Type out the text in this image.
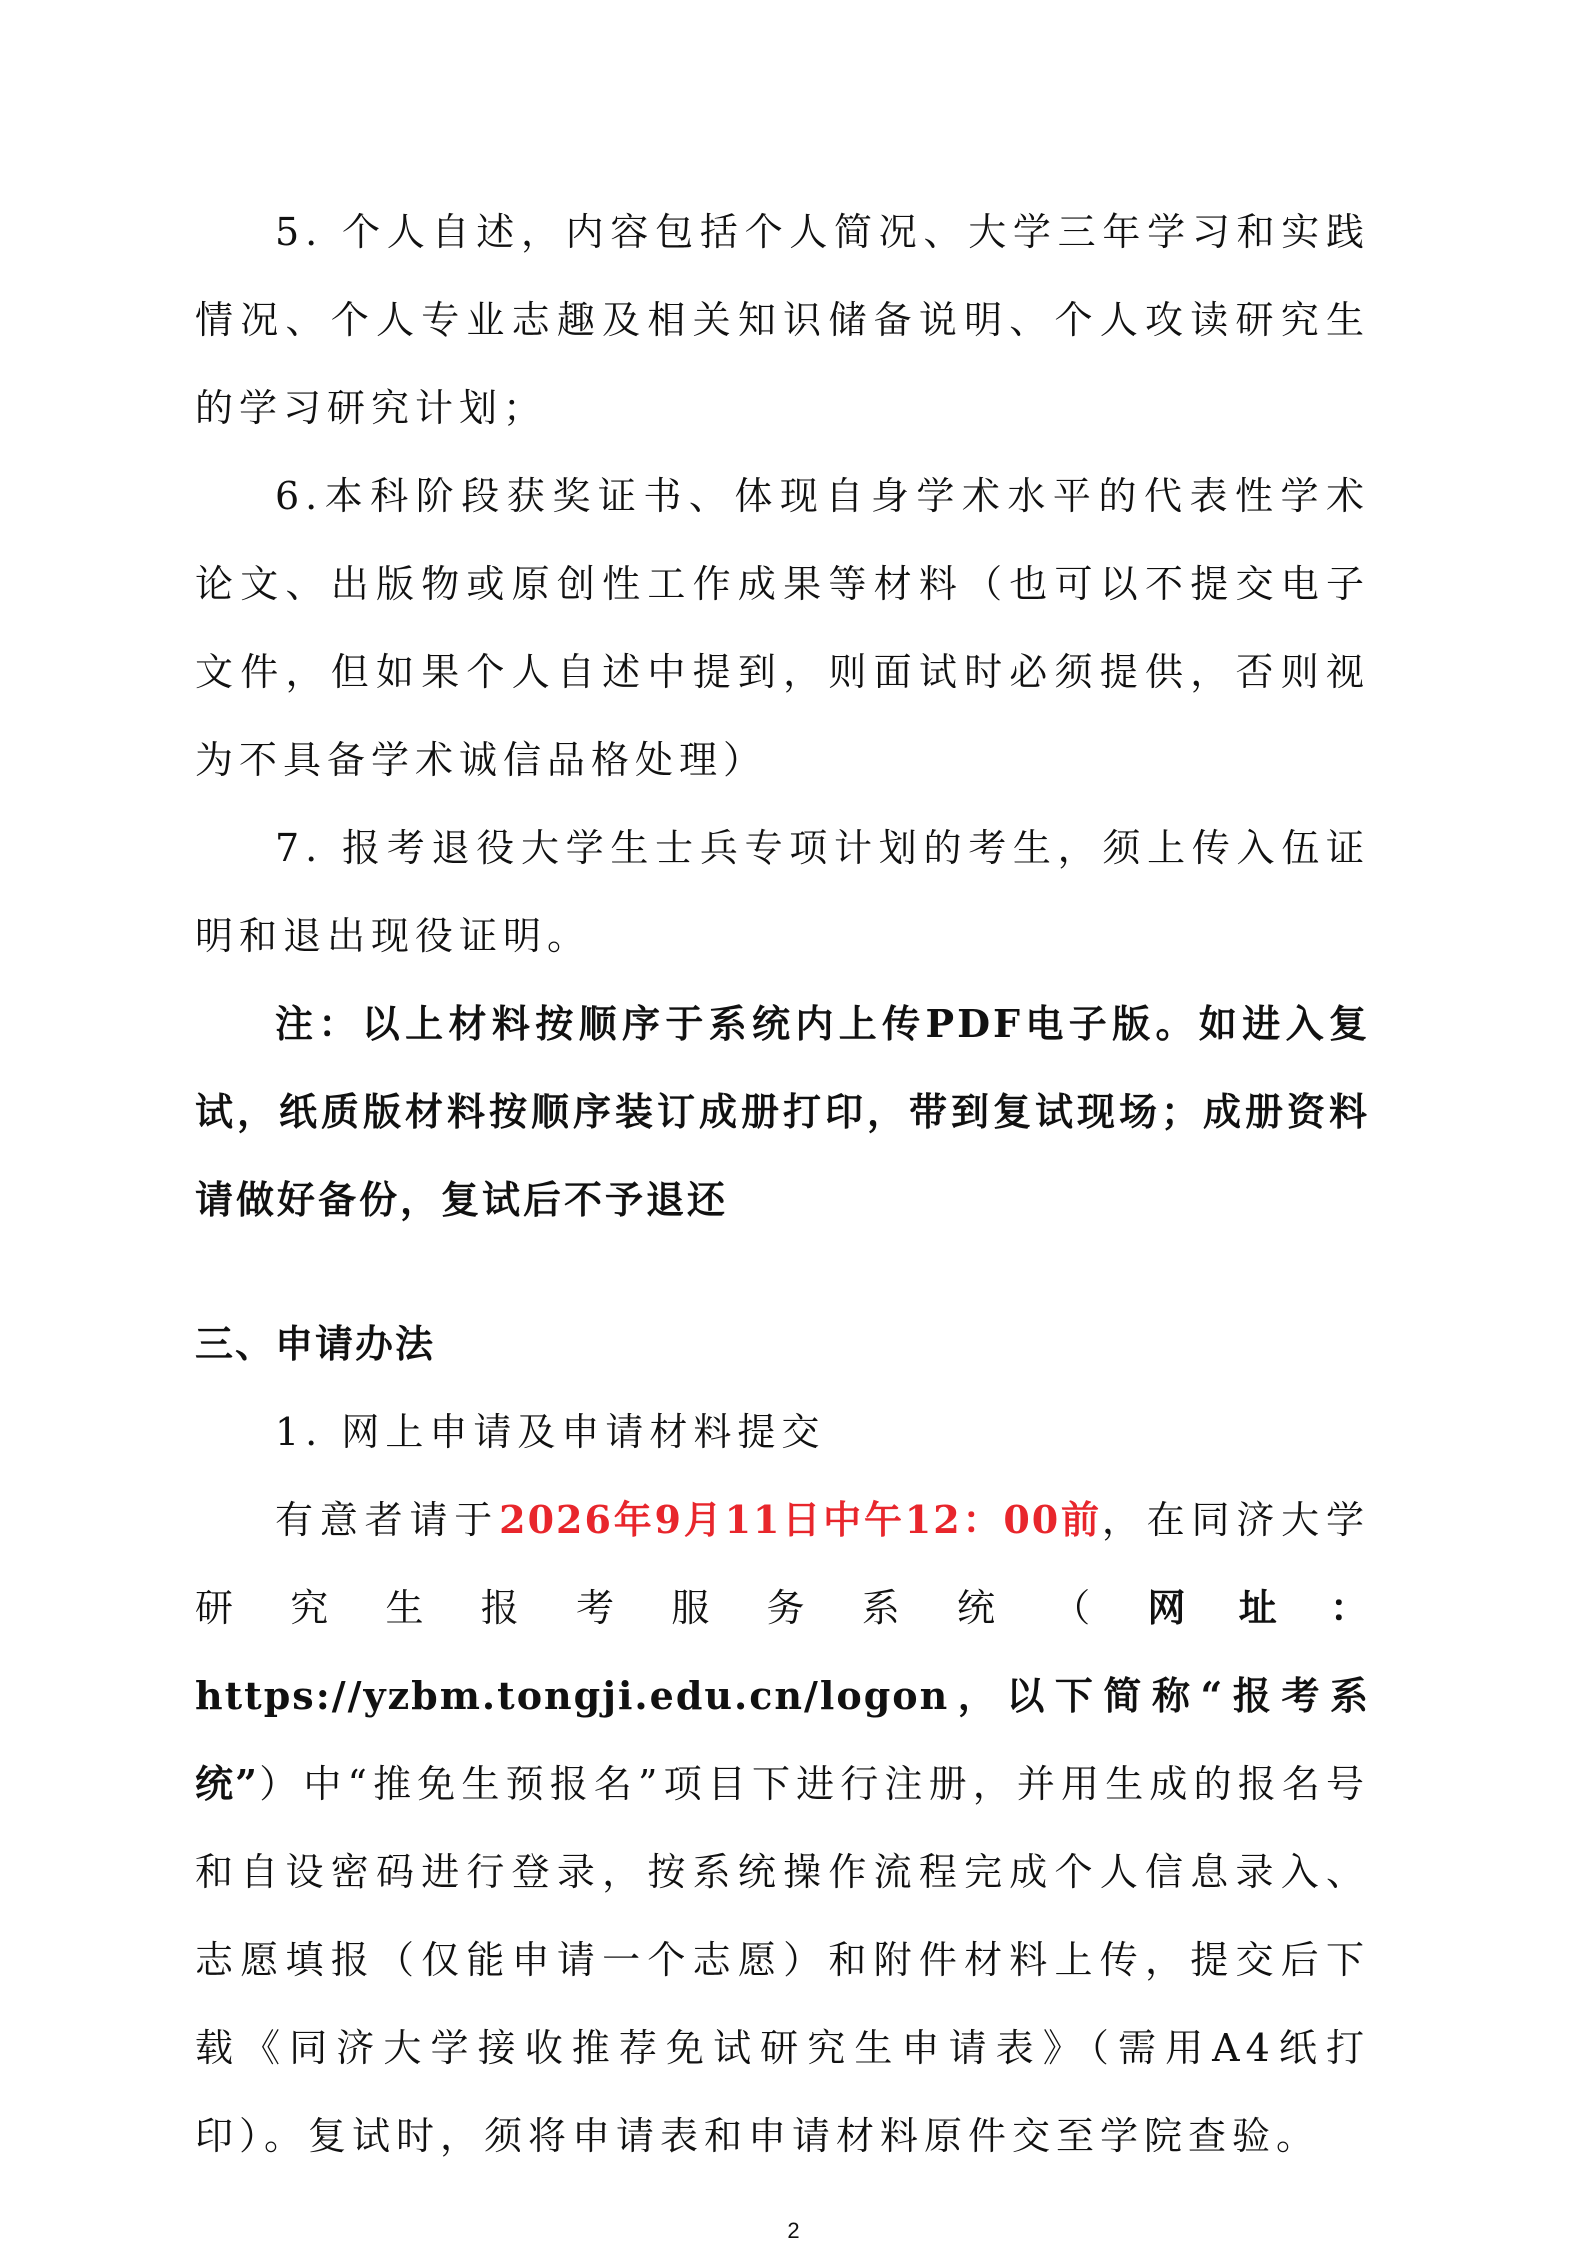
5. 个人自述，内容包括个人简况、大学三年学习和实践情况、个人专业志趣及相关知识储备说明、个人攻读研究生的学习研究计划；

6.本科阶段获奖证书、体现自身学术水平的代表性学术论文、出版物或原创性工作成果等材料（也可以不提交电子文件，但如果个人自述中提到，则面试时必须提供，否则视为不具备学术诚信品格处理）

7. 报考退役大学生士兵专项计划的考生，须上传入伍证明和退出现役证明。

注：以上材料按顺序于系统内上传PDF电子版。如进入复试，纸质版材料按顺序装订成册打印，带到复试现场；成册资料请做好备份，复试后不予退还

三、申请办法

1. 网上申请及申请材料提交

有意者请于2026年9月11日中午12：00前，在同济大学研究生报考服务系统（网址：https://yzbm.tongji.edu.cn/logon，以下简称“报考系统”）中“推免生预报名”项目下进行注册，并用生成的报名号和自设密码进行登录，按系统操作流程完成个人信息录入、志愿填报（仅能申请一个志愿）和附件材料上传，提交后下载《同济大学接收推荐免试研究生申请表》（需用A4纸打印）。复试时，须将申请表和申请材料原件交至学院查验。

2
